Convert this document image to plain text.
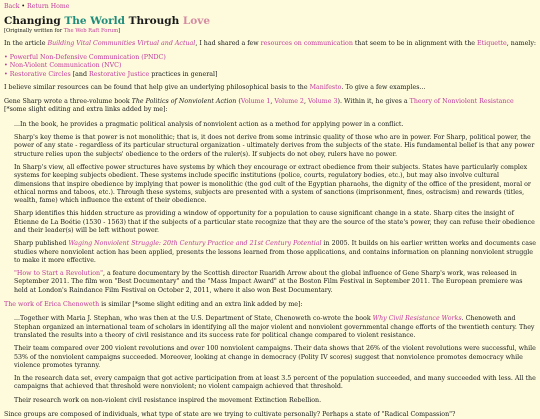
Back • Return Home
Changing The World Through Love
[Originally written for The Web Raft Forum]

In the article Building Vital Communities Virtual and Actual, I had shared a few resources on communication that seem to be in alignment with the Etiquette, namely:

• Powerful Non-Defensive Communication (PNDC)
• Non-Violent Communication (NVC)
• Restorative Circles [and Restorative Justice practices in general]

I believe similar resources can be found that help give an underlying philosophical basis to the Manifesto. To give a few examples...

Gene Sharp wrote a three-volume book The Politics of Nonviolent Action (Volume 1, Volume 2, Volume 3). Within it, he gives a Theory of Nonviolent Resistance [*some slight editing and extra links added by me]:

...In the book, he provides a pragmatic political analysis of nonviolent action as a method for applying power in a conflict.

Sharp's key theme is that power is not monolithic; that is, it does not derive from some intrinsic quality of those who are in power. For Sharp, political power, the power of any state - regardless of its particular structural organization - ultimately derives from the subjects of the state. His fundamental belief is that any power structure relies upon the subjects' obedience to the orders of the ruler(s). If subjects do not obey, rulers have no power.

In Sharp's view, all effective power structures have systems by which they encourage or extract obedience from their subjects. States have particularly complex systems for keeping subjects obedient. These systems include specific institutions (police, courts, regulatory bodies, etc.), but may also involve cultural dimensions that inspire obedience by implying that power is monolithic (the god cult of the Egyptian pharaohs, the dignity of the office of the president, moral or ethical norms and taboos, etc.). Through these systems, subjects are presented with a system of sanctions (imprisonment, fines, ostracism) and rewards (titles, wealth, fame) which influence the extent of their obedience.

Sharp identifies this hidden structure as providing a window of opportunity for a population to cause significant change in a state. Sharp cites the insight of Étienne de La Boétie (1530 - 1563) that if the subjects of a particular state recognize that they are the source of the state's power, they can refuse their obedience and their leader(s) will be left without power.

Sharp published Waging Nonviolent Struggle: 20th Century Practice and 21st Century Potential in 2005. It builds on his earlier written works and documents case studies where nonviolent action has been applied, presents the lessons learned from those applications, and contains information on planning nonviolent struggle to make it more effective.

"How to Start a Revolution", a feature documentary by the Scottish director Ruaridh Arrow about the global influence of Gene Sharp's work, was released in September 2011. The film won "Best Documentary" and the "Mass Impact Award" at the Boston Film Festival in September 2011. The European premiere was held at London's Raindance Film Festival on October 2, 2011, where it also won Best Documentary.

The work of Erica Chenoweth is similar [*some slight editing and an extra link added by me]:

...Together with Maria J. Stephan, who was then at the U.S. Department of State, Chenoweth co-wrote the book Why Civil Resistance Works. Chenoweth and Stephan organized an international team of scholars in identifying all the major violent and nonviolent governmental change efforts of the twentieth century. They translated the results into a theory of civil resistance and its success rate for political change compared to violent resistance.

Their team compared over 200 violent revolutions and over 100 nonviolent campaigns. Their data shows that 26% of the violent revolutions were successful, while 53% of the nonviolent campaigns succeeded. Moreover, looking at change in democracy (Polity IV scores) suggest that nonviolence promotes democracy while violence promotes tyranny.

In the research data set, every campaign that got active participation from at least 3.5 percent of the population succeeded, and many succeeded with less. All the campaigns that achieved that threshold were nonviolent; no violent campaign achieved that threshold.

Their research work on non-violent civil resistance inspired the movement Extinction Rebellion.

Since groups are composed of individuals, what type of state are we trying to cultivate personally? Perhaps a state of "Radical Compassion"?
